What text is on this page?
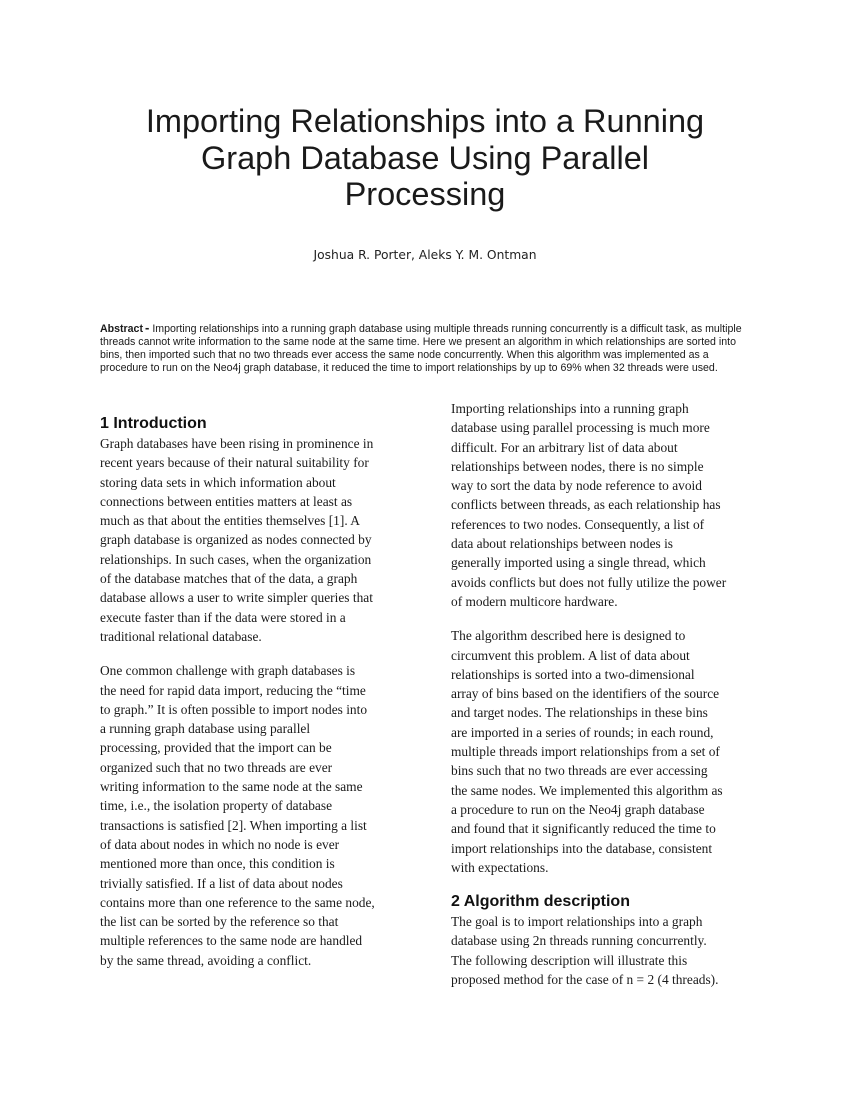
Importing Relationships into a Running
Graph Database Using Parallel
Processing
Joshua R. Porter, Aleks Y. M. Ontman
Abstract - Importing relationships into a running graph database using multiple threads running concurrently is a difficult task, as multiple threads cannot write information to the same node at the same time. Here we present an algorithm in which relationships are sorted into bins, then imported such that no two threads ever access the same node concurrently. When this algorithm was implemented as a procedure to run on the Neo4j graph database, it reduced the time to import relationships by up to 69% when 32 threads were used.
1 Introduction

Graph databases have been rising in prominence in
recent years because of their natural suitability for
storing data sets in which information about
connections between entities matters at least as
much as that about the entities themselves [1]. A
graph database is organized as nodes connected by
relationships. In such cases, when the organization
of the database matches that of the data, a graph
database allows a user to write simpler queries that
execute faster than if the data were stored in a
traditional relational database.

One common challenge with graph databases is
the need for rapid data import, reducing the “time
to graph.” It is often possible to import nodes into
a running graph database using parallel
processing, provided that the import can be
organized such that no two threads are ever
writing information to the same node at the same
time, i.e., the isolation property of database
transactions is satisfied [2]. When importing a list
of data about nodes in which no node is ever
mentioned more than once, this condition is
trivially satisfied. If a list of data about nodes
contains more than one reference to the same node,
the list can be sorted by the reference so that
multiple references to the same node are handled
by the same thread, avoiding a conflict.

Importing relationships into a running graph
database using parallel processing is much more
difficult. For an arbitrary list of data about
relationships between nodes, there is no simple
way to sort the data by node reference to avoid
conflicts between threads, as each relationship has
references to two nodes. Consequently, a list of
data about relationships between nodes is
generally imported using a single thread, which
avoids conflicts but does not fully utilize the power
of modern multicore hardware.

The algorithm described here is designed to
circumvent this problem. A list of data about
relationships is sorted into a two-dimensional
array of bins based on the identifiers of the source
and target nodes. The relationships in these bins
are imported in a series of rounds; in each round,
multiple threads import relationships from a set of
bins such that no two threads are ever accessing
the same nodes. We implemented this algorithm as
a procedure to run on the Neo4j graph database
and found that it significantly reduced the time to
import relationships into the database, consistent
with expectations.

2 Algorithm description

The goal is to import relationships into a graph
database using 2n threads running concurrently.
The following description will illustrate this
proposed method for the case of n = 2 (4 threads).
